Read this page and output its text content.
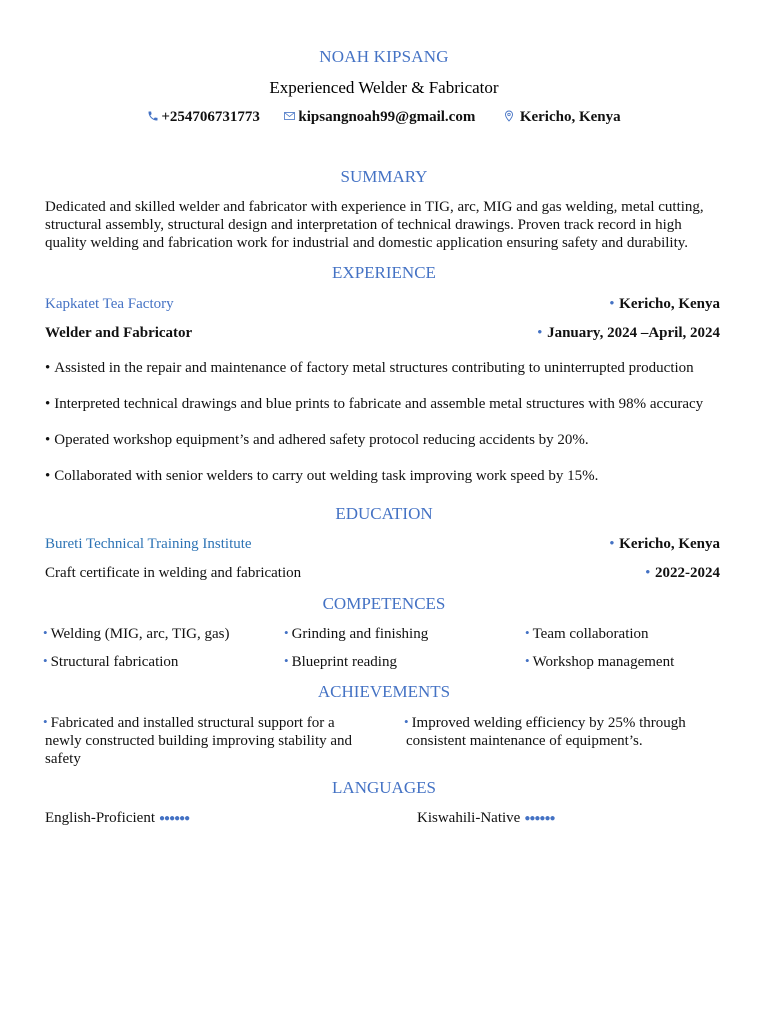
NOAH KIPSANG
Experienced Welder & Fabricator
+254706731773	kipsangnoah99@gmail.com	Kericho, Kenya
SUMMARY
Dedicated and skilled welder and fabricator with experience in TIG, arc, MIG and gas welding, metal cutting,
structural assembly, structural design and interpretation of technical drawings. Proven track record in high
quality welding and fabrication work for industrial and domestic application ensuring safety and durability.
EXPERIENCE
Kapkatet Tea Factory	• Kericho, Kenya
Welder and Fabricator	• January, 2024 –April, 2024
• Assisted in the repair and maintenance of factory metal structures contributing to uninterrupted production
• Interpreted technical drawings and blue prints to fabricate and assemble metal structures with 98% accuracy
• Operated workshop equipment’s and adhered safety protocol reducing accidents by 20%.
• Collaborated with senior welders to carry out welding task improving work speed by 15%.
EDUCATION
Bureti Technical Training Institute	• Kericho, Kenya
Craft certificate in welding and fabrication	• 2022-2024
COMPETENCES
• Welding (MIG, arc, TIG, gas)	• Grinding and finishing	• Team collaboration
• Structural fabrication	• Blueprint reading	• Workshop management
ACHIEVEMENTS
• Fabricated and installed structural support for a
newly constructed building improving stability and
safety
• Improved welding efficiency by 25% through
consistent maintenance of equipment’s.
LANGUAGES
English-Proficient ●●●●●●	Kiswahili-Native ●●●●●●
